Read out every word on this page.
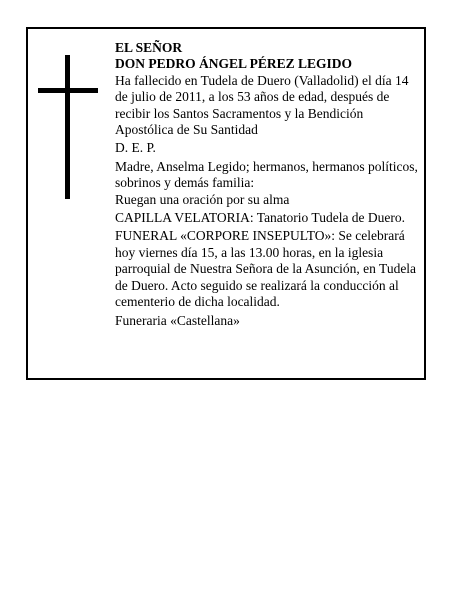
EL SEÑOR

DON PEDRO ÁNGEL PÉREZ LEGIDO

Ha fallecido en Tudela de Duero (Valladolid) el día 14 de julio de 2011, a los 53 años de edad, después de recibir los Santos Sacramentos y la Bendición Apostólica de Su Santidad

D. E. P.

Madre, Anselma Legido; hermanos, hermanos políticos, sobrinos y demás familia:

Ruegan una oración por su alma

CAPILLA VELATORIA: Tanatorio Tudela de Duero.

FUNERAL «CORPORE INSEPULTO»: Se celebrará hoy viernes día 15, a las 13.00 horas, en la iglesia parroquial de Nuestra Señora de la Asunción, en Tudela de Duero. Acto seguido se realizará la conducción al cementerio de dicha localidad.

Funeraria «Castellana»
